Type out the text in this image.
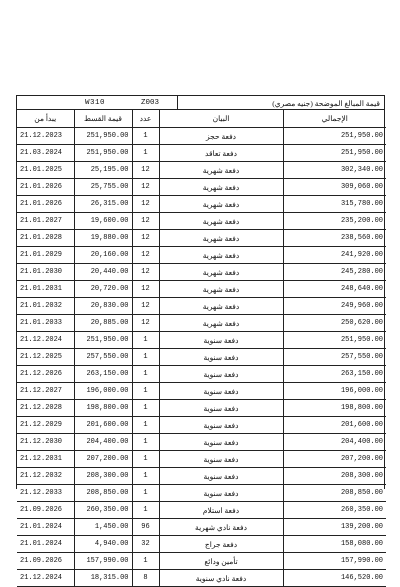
W310	Z003	قيمة المبالغ الموضحة (جنيه مصري)
يبدأ من	قيمة القسط	عدد	البيان	الإجمالي
21.12.2023	251,950.00	1	دفعة حجز	251,950.00
21.03.2024	251,950.00	1	دفعة تعاقد	251,950.00
21.01.2025	25,195.00	12	دفعة شهرية	302,340.00
21.01.2026	25,755.00	12	دفعة شهرية	309,060.00
21.01.2026	26,315.00	12	دفعة شهرية	315,780.00
21.01.2027	19,600.00	12	دفعة شهرية	235,200.00
21.01.2028	19,880.00	12	دفعة شهرية	238,560.00
21.01.2029	20,160.00	12	دفعة شهرية	241,920.00
21.01.2030	20,440.00	12	دفعة شهرية	245,280.00
21.01.2031	20,720.00	12	دفعة شهرية	248,640.00
21.01.2032	20,830.00	12	دفعة شهرية	249,960.00
21.01.2033	20,885.00	12	دفعة شهرية	250,620.00
21.12.2024	251,950.00	1	دفعة سنوية	251,950.00
21.12.2025	257,550.00	1	دفعة سنوية	257,550.00
21.12.2026	263,150.00	1	دفعة سنوية	263,150.00
21.12.2027	196,000.00	1	دفعة سنوية	196,000.00
21.12.2028	198,800.00	1	دفعة سنوية	198,800.00
21.12.2029	201,600.00	1	دفعة سنوية	201,600.00
21.12.2030	204,400.00	1	دفعة سنوية	204,400.00
21.12.2031	207,200.00	1	دفعة سنوية	207,200.00
21.12.2032	208,300.00	1	دفعة سنوية	208,300.00
21.12.2033	208,850.00	1	دفعة سنوية	208,850.00
21.09.2026	260,350.00	1	دفعة استلام	260,350.00
21.01.2024	1,450.00	96	دفعة نادي شهرية	139,200.00
21.01.2024	4,940.00	32	دفعة جراج	158,080.00
21.09.2026	157,990.00	1	تأمين ودائع	157,990.00
21.12.2024	18,315.00	8	دفعة نادي سنوية	146,520.00
